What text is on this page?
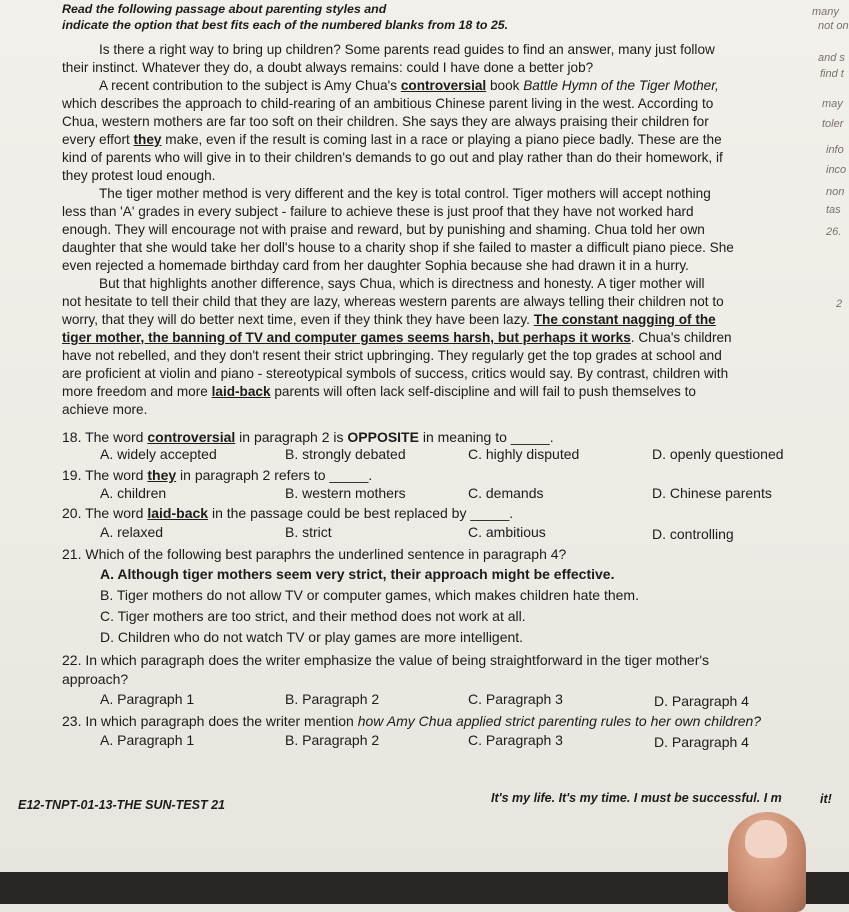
Read the following passage about parenting styles and
indicate the option that best fits each of the numbered blanks from 18 to 25.
Is there a right way to bring up children? Some parents read guides to find an answer, many just follow
their instinct. Whatever they do, a doubt always remains: could I have done a better job?
A recent contribution to the subject is Amy Chua's controversial book Battle Hymn of the Tiger Mother,
which describes the approach to child-rearing of an ambitious Chinese parent living in the west. According to
Chua, western mothers are far too soft on their children. She says they are always praising their children for
every effort they make, even if the result is coming last in a race or playing a piano piece badly. These are the
kind of parents who will give in to their children's demands to go out and play rather than do their homework, if
they protest loud enough.
The tiger mother method is very different and the key is total control. Tiger mothers will accept nothing
less than 'A' grades in every subject - failure to achieve these is just proof that they have not worked hard
enough. They will encourage not with praise and reward, but by punishing and shaming. Chua told her own
daughter that she would take her doll's house to a charity shop if she failed to master a difficult piano piece. She
even rejected a homemade birthday card from her daughter Sophia because she had drawn it in a hurry.
But that highlights another difference, says Chua, which is directness and honesty. A tiger mother will
not hesitate to tell their child that they are lazy, whereas western parents are always telling their children not to
worry, that they will do better next time, even if they think they have been lazy. The constant nagging of the
tiger mother, the banning of TV and computer games seems harsh, but perhaps it works. Chua's children
have not rebelled, and they don't resent their strict upbringing. They regularly get the top grades at school and
are proficient at violin and piano - stereotypical symbols of success, critics would say. By contrast, children with
more freedom and more laid-back parents will often lack self-discipline and will fail to push themselves to
achieve more.
18. The word controversial in paragraph 2 is OPPOSITE in meaning to _____.
A. widely accepted	B. strongly debated	C. highly disputed	D. openly questioned
19. The word they in paragraph 2 refers to _____.
A. children	B. western mothers	C. demands	D. Chinese parents
20. The word laid-back in the passage could be best replaced by _____.
A. relaxed	B. strict	C. ambitious	D. controlling
21. Which of the following best paraphrs the underlined sentence in paragraph 4?
A. Although tiger mothers seem very strict, their approach might be effective.
B. Tiger mothers do not allow TV or computer games, which makes children hate them.
C. Tiger mothers are too strict, and their method does not work at all.
D. Children who do not watch TV or play games are more intelligent.
22. In which paragraph does the writer emphasize the value of being straightforward in the tiger mother's
approach?
A. Paragraph 1	B. Paragraph 2	C. Paragraph 3	D. Paragraph 4
23. In which paragraph does the writer mention how Amy Chua applied strict parenting rules to her own children?
A. Paragraph 1	B. Paragraph 2	C. Paragraph 3	D. Paragraph 4
E12-TNPT-01-13-THE SUN-TEST 21	It's my life. It's my time. I must be successful. I m
many
not on
and s
find t
may
toler
info
inco
non
tas
26.
2
it!
